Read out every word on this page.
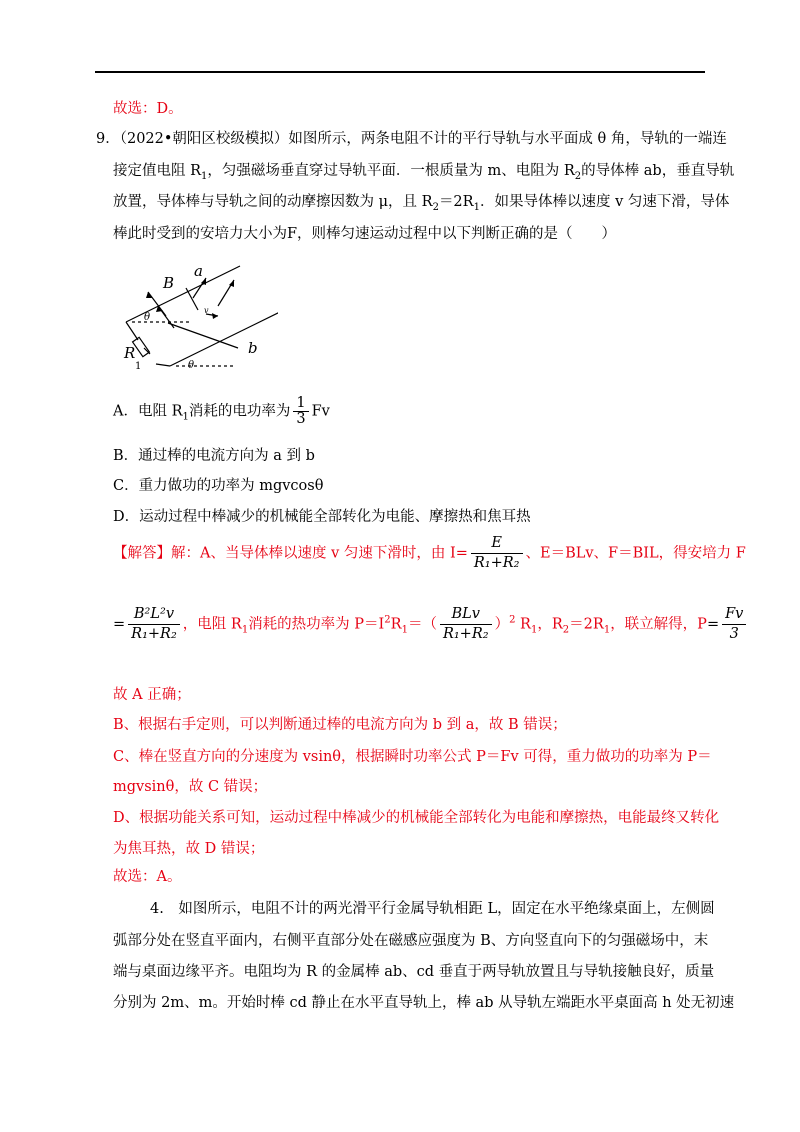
故选：D。
9．（2022•朝阳区校级模拟）如图所示，两条电阻不计的平行导轨与水平面成 θ 角，导轨的一端连
接定值电阻 $R_1$，匀强磁场垂直穿过导轨平面．一根质量为 m、电阻为 $R_2$的导体棒 ab，垂直导轨
放置，导体棒与导轨之间的动摩擦因数为 μ，且 $R_2=2R_1$．如果导体棒以速度 v 匀速下滑，导体
棒此时受到的安培力大小为F，则棒匀速运动过程中以下判断正确的是（　　）
B
a
b
R
1
θ
θ
v
A．电阻 $R_1$消耗的电功率为 $\frac{1}{3}$ Fv
B．通过棒的电流方向为 a 到 b
C．重力做功的功率为 mgvcosθ
D．运动过程中棒减少的机械能全部转化为电能、摩擦热和焦耳热
【解答】解：A、当导体棒以速度 v 匀速下滑时，由 $I= \frac{E}{\text{R₁+R₂}}$ 、E＝BLv、F＝BIL，得安培力 F
= $\frac{\text{B²L²v}}{\text{R₁+R₂}}$ ，电阻 $R_1$消耗的热功率为 $P=I^2R_1=( \frac{\text{BLv}}{\text{R₁+R₂}} )^2$ $R_1$，$R_2=2R_1$，联立解得，$P= \frac{Fv}{3}$
故 A 正确；
B、根据右手定则，可以判断通过棒的电流方向为 b 到 a，故 B 错误；
C、棒在竖直方向的分速度为 vsinθ，根据瞬时功率公式 P＝Fv 可得，重力做功的功率为 P＝
mgvsinθ，故 C 错误；
D、根据功能关系可知，运动过程中棒减少的机械能全部转化为电能和摩擦热，电能最终又转化
为焦耳热，故 D 错误；
故选：A。
4.　如图所示，电阻不计的两光滑平行金属导轨相距 L，固定在水平绝缘桌面上，左侧圆
弧部分处在竖直平面内，右侧平直部分处在磁感应强度为 B、方向竖直向下的匀强磁场中，末
端与桌面边缘平齐。电阻均为 R 的金属棒 ab、cd 垂直于两导轨放置且与导轨接触良好，质量
分别为 2m、m。开始时棒 cd 静止在水平直导轨上，棒 ab 从导轨左端距水平桌面高 h 处无初速
